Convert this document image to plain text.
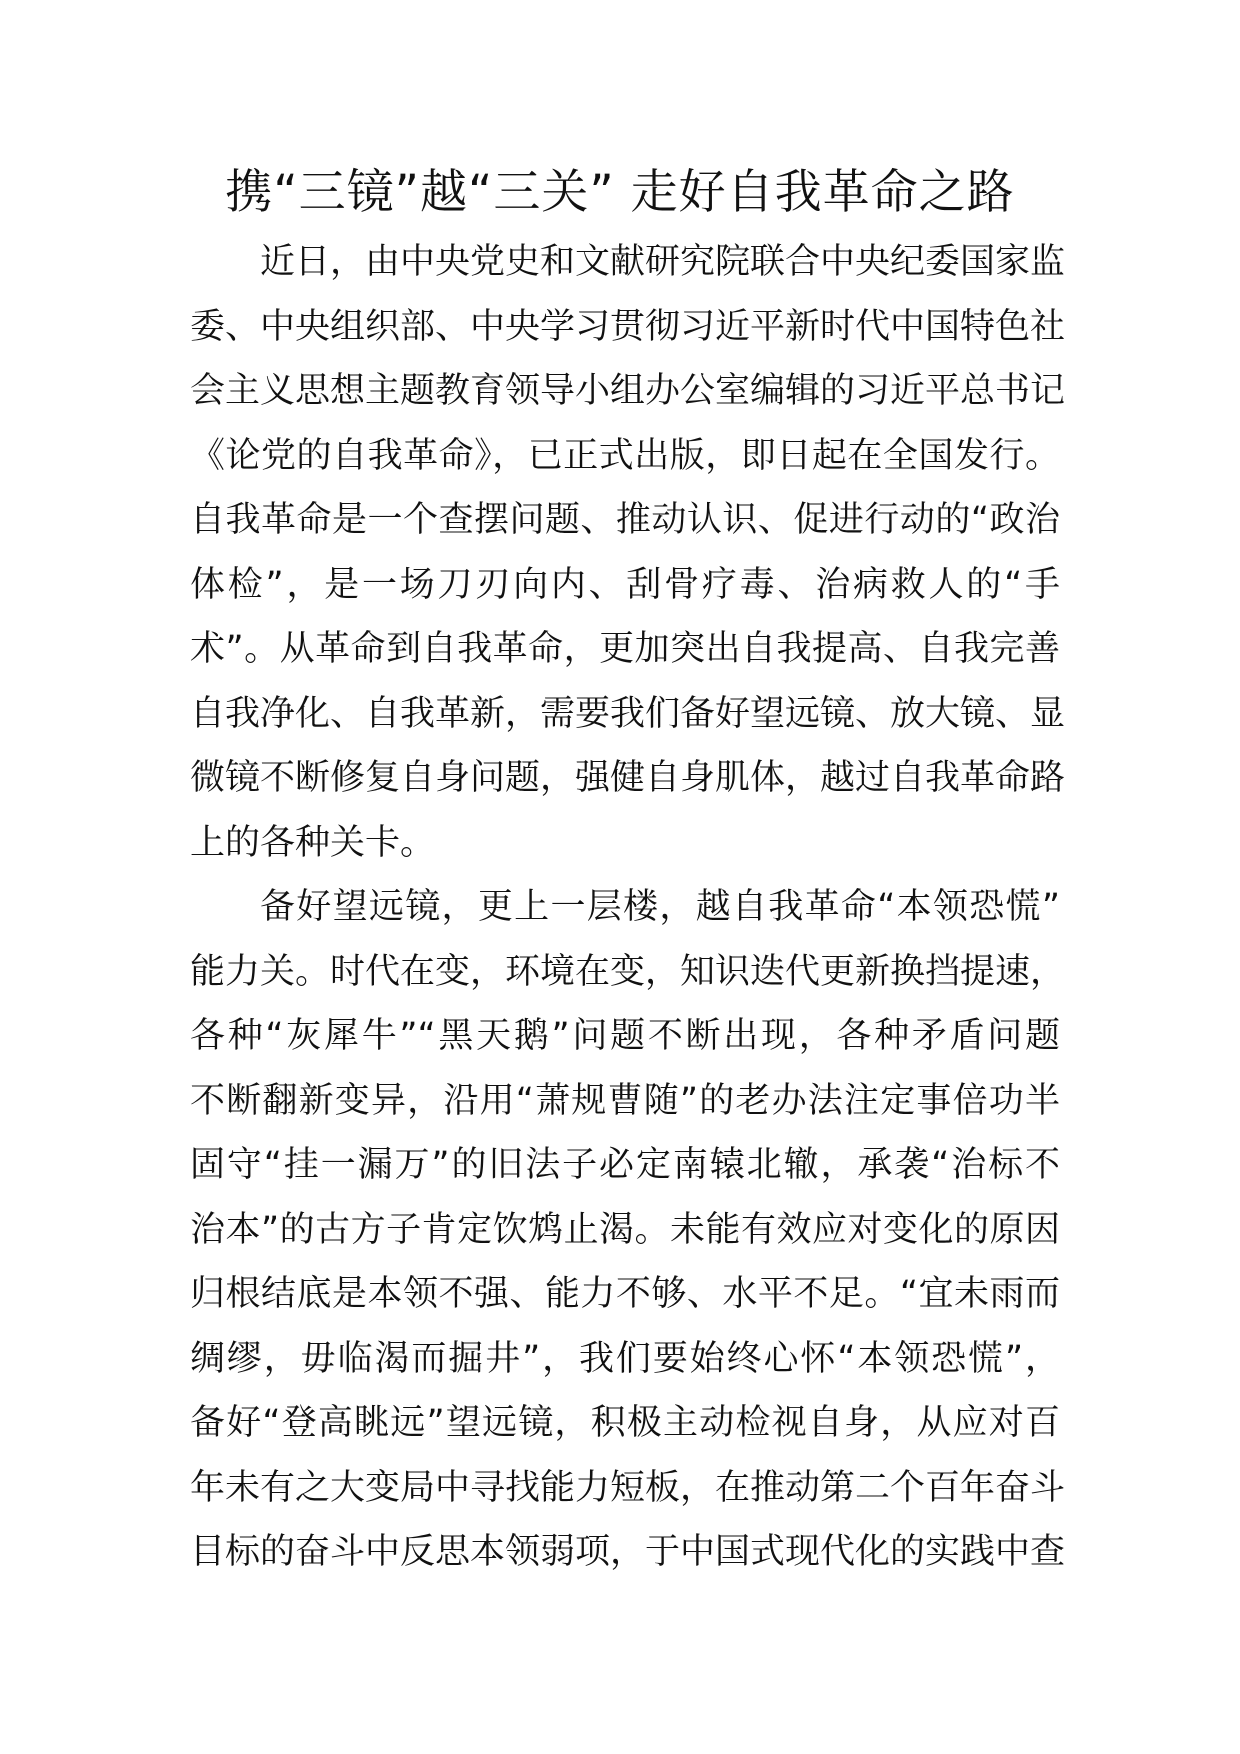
携“三镜”越“三关” 走好自我革命之路

近日，由中央党史和文献研究院联合中央纪委国家监
委、中央组织部、中央学习贯彻习近平新时代中国特色社
会主义思想主题教育领导小组办公室编辑的习近平总书记
《论党的自我革命》，已正式出版，即日起在全国发行。
自我革命是一个查摆问题、推动认识、促进行动的“政治
体检”，是一场刀刃向内、刮骨疗毒、治病救人的“手
术”。从革命到自我革命，更加突出自我提高、自我完善
自我净化、自我革新，需要我们备好望远镜、放大镜、显
微镜不断修复自身问题，强健自身肌体，越过自我革命路
上的各种关卡。

备好望远镜，更上一层楼，越自我革命“本领恐慌”
能力关。时代在变，环境在变，知识迭代更新换挡提速，
各种“灰犀牛”“黑天鹅”问题不断出现，各种矛盾问题
不断翻新变异，沿用“萧规曹随”的老办法注定事倍功半
固守“挂一漏万”的旧法子必定南辕北辙，承袭“治标不
治本”的古方子肯定饮鸩止渴。未能有效应对变化的原因
归根结底是本领不强、能力不够、水平不足。“宜未雨而
绸缪，毋临渴而掘井”，我们要始终心怀“本领恐慌”，
备好“登高眺远”望远镜，积极主动检视自身，从应对百
年未有之大变局中寻找能力短板，在推动第二个百年奋斗
目标的奋斗中反思本领弱项，于中国式现代化的实践中查
